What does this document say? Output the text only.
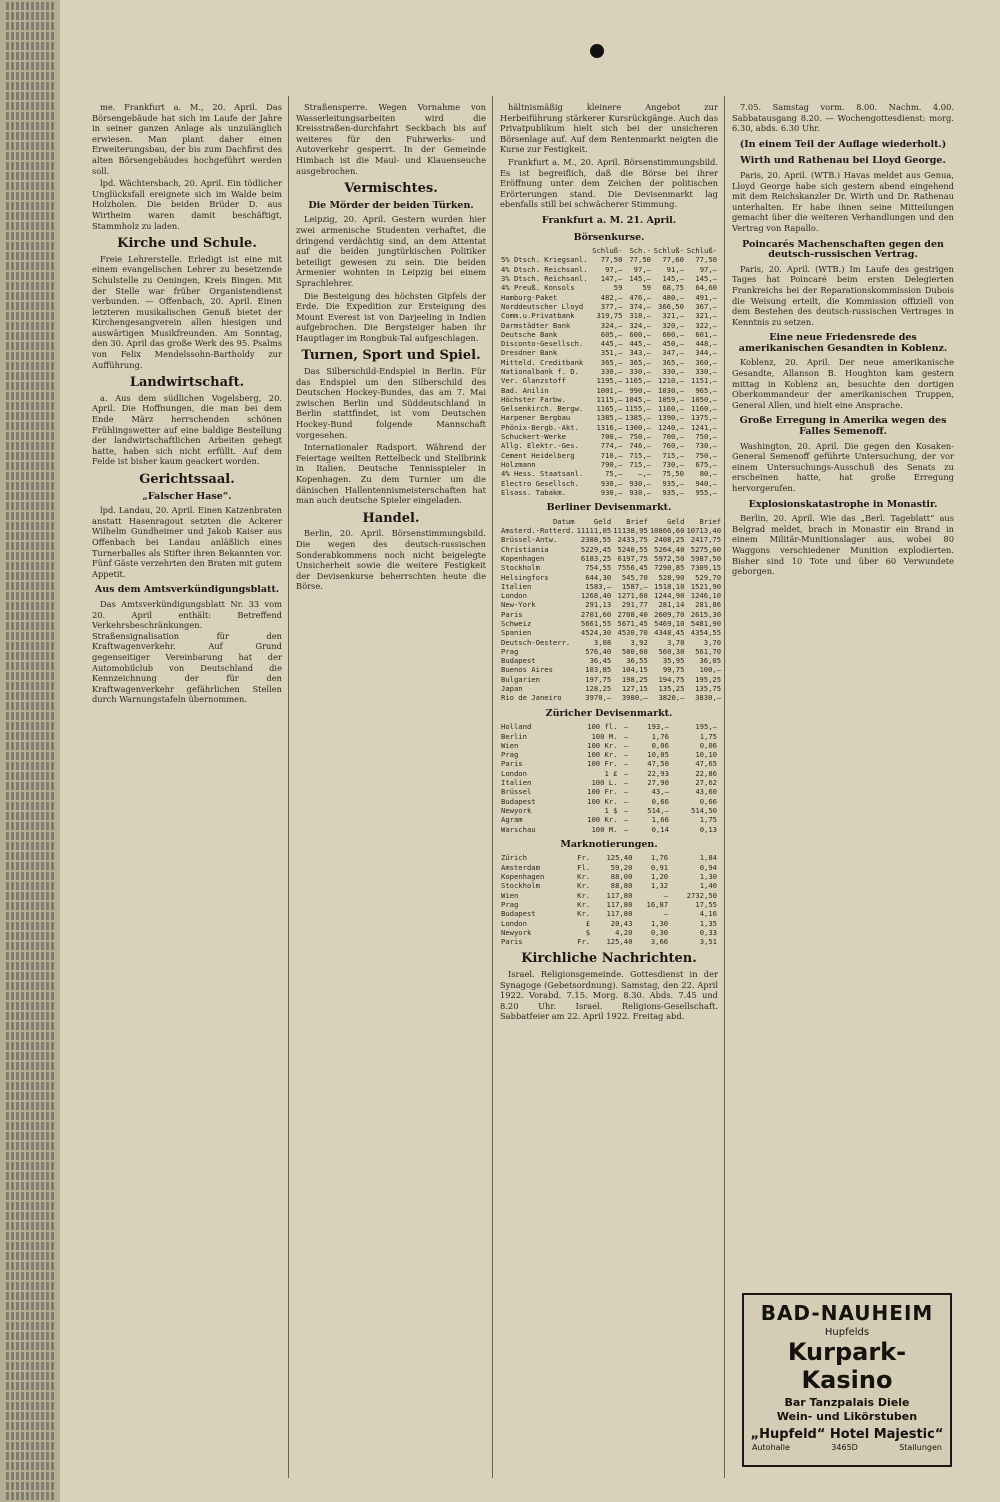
me. Frankfurt a. M., 20. April. Das Börsengebäude hat sich im Laufe der Jahre in seiner ganzen Anlage als unzulänglich erwiesen. Man plant daher einen Erweiterungsbau, der bis zum Dachfirst des alten Börsengebäudes hochgeführt werden soll.

lpd. Wächtersbach, 20. April. Ein tödlicher Unglücksfall ereignete sich im Walde beim Holzholen. Die beiden Brüder D. aus Wirtheim waren damit beschäftigt, Stammholz zu laden.

Kirche und Schule.

Freie Lehrerstelle. Erledigt ist eine mit einem evangelischen Lehrer zu besetzende Schulstelle zu Oeningen, Kreis Bingen. Mit der Stelle war früher Organistendienst verbunden. — Offenbach, 20. April. Einen letzteren musikalischen Genuß bietet der Kirchengesangverein allen hiesigen und auswärtigen Musikfreunden. Am Sonntag, den 30. April das große Werk des 95. Psalms von Felix Mendelssohn-Bartholdy zur Aufführung.

Landwirtschaft.

a. Aus dem südlichen Vogelsberg, 20. April. Die Hoffnungen, die man bei dem Ende März herrschenden schönen Frühlingswetter auf eine baldige Bestellung der landwirtschaftlichen Arbeiten gehegt hatte, haben sich nicht erfüllt. Auf dem Felde ist bisher kaum geackert worden.

Gerichtssaal.
„Falscher Hase“.

lpd. Landau, 20. April. Einen Katzenbraten anstatt Hasenragout setzten die Ackerer Wilhelm Gundheimer und Jakob Kaiser aus Offenbach bei Landau anläßlich eines Turnerballes als Stifter ihren Bekannten vor. Fünf Gäste verzehrten den Braten mit gutem Appetit.

Aus dem Amtsverkündigungsblatt.

Das Amtsverkündigungsblatt Nr. 33 vom 20. April enthält: Betreffend Verkehrsbeschränkungen. Straßensignalisation für den Kraftwagenverkehr. Auf Grund gegenseitiger Vereinbarung hat der Automobilclub von Deutschland die Kennzeichnung der für den Kraftwagenverkehr gefährlichen Stellen durch Warnungstafeln übernommen.

Straßensperre. Wegen Vornahme von Wasserleitungsarbeiten wird die Kreisstraßen-durchfahrt Seckbach bis auf weiteres für den Fuhrwerks- und Autoverkehr gesperrt. In der Gemeinde Himbach ist die Maul- und Klauenseuche ausgebrochen.

Vermischtes.
Die Mörder der beiden Türken.

Leipzig, 20. April. Gestern wurden hier zwei armenische Studenten verhaftet, die dringend verdächtig sind, an dem Attentat auf die beiden jungtürkischen Politiker beteiligt gewesen zu sein. Die beiden Armenier wohnten in Leipzig bei einem Sprachlehrer.

Die Besteigung des höchsten Gipfels der Erde. Die Expedition zur Ersteigung des Mount Everest ist von Darjeeling in Indien aufgebrochen. Die Bergsteiger haben ihr Hauptlager im Rongbuk-Tal aufgeschlagen.

Turnen, Sport und Spiel.

Das Silberschild-Endspiel in Berlin. Für das Endspiel um den Silberschild des Deutschen Hockey-Bundes, das am 7. Mai zwischen Berlin und Süddeutschland in Berlin stattfindet, ist vom Deutschen Hockey-Bund folgende Mannschaft vorgesehen.

Internationaler Radsport. Während der Feiertage weilten Rettelbeck und Stellbrink in Italien. Deutsche Tennisspieler in Kopenhagen. Zu dem Turnier um die dänischen Hallentennismeisterschaften hat man auch deutsche Spieler eingeladen.

Handel.

Berlin, 20. April. Börsenstimmungsbild. Die wegen des deutsch-russischen Sonderabkommens noch nicht beigelegte Unsicherheit sowie die weitere Festigkeit der Devisenkurse beherrschten heute die Börse.

hältnismäßig kleinere Angebot zur Herbeiführung stärkerer Kursrückgänge. Auch das Privatpublikum hielt sich bei der unsicheren Börsenlage auf. Auf dem Rentenmarkt neigten die Kurse zur Festigkeit.

Frankfurt a. M., 20. April. Börsenstimmungsbild. Es ist begreiflich, daß die Börse bei ihrer Eröffnung unter dem Zeichen der politischen Erörterungen stand. Die Devisenmarkt lag ebenfalls still bei schwächerer Stimmung.

Frankfurt a. M. 21. April.
Börsenkurse.
	Schluß-	Sch.-	Schluß-	Schluß-
5% Dtsch. Kriegsanl.	77,50	77,50	77,60	77,50
4% Dtsch. Reichsanl.	97,—	97,—	91,—	97,—
3% Dtsch. Reichsanl.	147,—	145,—	145,—	145,—
4% Preuß. Konsols	59	59	68,75	64,60
Hamburg-Paket	482,—	476,—	480,—	491,—
Norddeutscher Lloyd	377,—	374,—	366,50	367,—
Comm.u.Privatbank	319,75	318,—	321,—	321,—
Darmstädter Bank	324,—	324,—	320,—	322,—
Deutsche Bank	605,—	600,—	600,—	601,—
Disconto-Gesellsch.	445,—	445,—	450,—	448,—
Dresdner Bank	351,—	343,—	347,—	344,—
Mitteld. Creditbank	365,—	365,—	365,—	360,—
Nationalbank f. D.	330,—	330,—	330,—	330,—
Ver. Glanzstoff	1195,—	1165,—	1210,—	1151,—
Bad. Anilin	1001,—	990,—	1030,—	965,—
Höchster Farbw.	1115,—	1045,—	1059,—	1050,—
Gelsenkirch. Bergw.	1165,—	1155,—	1160,—	1160,—
Harpener Bergbau	1385,—	1385,—	1390,—	1375,—
Phönix-Bergb.-Akt.	1316,—	1300,—	1240,—	1241,—
Schuckert-Werke	700,—	750,—	700,—	750,—
Allg. Elektr.-Ges.	774,—	746,—	760,—	730,—
Cement Heidelberg	710,—	715,—	715,—	750,—
Holzmann	790,—	715,—	730,—	675,—
4% Hess. Staatsanl.	75,—	—,—	75,50	80,—
Electro Gesellsch.	930,—	930,—	935,—	940,—
Elsass. Tabakm.	930,—	930,—	935,—	955,—
Berliner Devisenmarkt.
Datum	Geld	Brief	Geld	Brief
Amsterd.-Rotterd.	11111,05	11138,95	10866,60	10713,40
Brüssel-Antw.	2388,55	2433,75	2408,25	2417,75
Christiania	5229,45	5240,55	5264,40	5275,60
Kopenhagen	6183,25	6197,75	5972,50	5987,50
Stockholm	754,55	7556,45	7290,85	7309,15
Helsingfors	644,30	545,70	528,90	529,70
Italien	1583,—	1587,—	1518,10	1521,90
London	1268,40	1271,60	1244,90	1246,10
New-York	291,13	291,77	281,14	281,86
Paris	2701,60	2708,40	2609,70	2615,30
Schweiz	5661,55	5671,45	5469,10	5481,90
Spanien	4524,30	4530,70	4348,45	4354,55
Deutsch-Oesterr.	3,08	3,92	3,70	3,70
Prag	576,40	580,60	560,30	561,70
Budapest	36,45	36,55	35,95	36,05
Buenos Aires	103,85	104,15	99,75	100,—
Bulgarien	197,75	198,25	194,75	195,25
Japan	128,25	127,15	135,25	135,75
Rio de Janeiro	3970,—	3980,—	3820,—	3830,—
Züricher Devisenmarkt.
Holland	100 fl.	—	193,—	195,—
Berlin	100 M.	—	1,76	1,75
Wien	100 Kr.	—	0,06	0,06
Prag	100 Kr.	—	10,05	10,10
Paris	100 Fr.	—	47,50	47,65
London	1 £	—	22,93	22,86
Italien	100 L.	—	27,90	27,62
Brüssel	100 Fr.	—	43,—	43,60
Budapest	100 Kr.	—	0,66	0,66
Newyork	1 $	—	514,—	514,50
Agram	100 Kr.	—	1,66	1,75
Warschau	100 M.	—	0,14	0,13
Marknotierungen.
Zürich	Fr.	125,40	1,76	1,84
Amsterdam	Fl.	59,20	0,91	0,94
Kopenhagen	Kr.	88,00	1,20	1,30
Stockholm	Kr.	88,80	1,32	1,40
Wien	Kr.	117,80	—	2732,50
Prag	Kr.	117,80	16,87	17,55
Budapest	Kr.	117,80	—	4,16
London	£	20,43	1,30	1,35
Newyork	$	4,20	0,30	0,33
Paris	Fr.	125,40	3,66	3,51
Kirchliche Nachrichten.

Israel. Religionsgemeinde. Gottesdienst in der Synagoge (Gebetsordnung). Samstag, den 22. April 1922. Vorabd. 7.15. Morg. 8.30. Abds. 7.45 und 8.20 Uhr. Israel. Religions-Gesellschaft. Sabbatfeier am 22. April 1922. Freitag abd.

7.05. Samstag vorm. 8.00. Nachm. 4.00. Sabbatausgang 8.20. — Wochengottesdienst: morg. 6.30, abds. 6.30 Uhr.

(In einem Teil der Auflage wiederholt.)
Wirth und Rathenau bei Lloyd George.

Paris, 20. April. (WTB.) Havas meldet aus Genua, Lloyd George habe sich gestern abend eingehend mit dem Reichskanzler Dr. Wirth und Dr. Rathenau unterhalten. Er habe ihnen seine Mitteilungen gemacht über die weiteren Verhandlungen und den Vertrag von Rapallo.

Poincarés Machenschaften gegen den deutsch-russischen Vertrag.

Paris, 20. April. (WTB.) Im Laufe des gestrigen Tages hat Poincaré beim ersten Delegierten Frankreichs bei der Reparationskommission Dubois die Weisung erteilt, die Kommission offiziell von dem Bestehen des deutsch-russischen Vertrages in Kenntnis zu setzen.

Eine neue Friedensrede des amerikanischen Gesandten in Koblenz.

Koblenz, 20. April. Der neue amerikanische Gesandte, Allanson B. Houghton kam gestern mittag in Koblenz an, besuchte den dortigen Oberkommandeur der amerikanischen Truppen, General Allen, und hielt eine Ansprache.

Große Erregung in Amerika wegen des Falles Semenoff.

Washington, 20. April. Die gegen den Kosaken-General Semenoff geführte Untersuchung, der vor einem Untersuchungs-Ausschuß des Senats zu erscheinen hatte, hat große Erregung hervorgerufen.

Explosionskatastrophe in Monastir.

Berlin, 20. April. Wie das „Berl. Tageblatt“ aus Belgrad meldet, brach in Monastir ein Brand in einem Militär-Munitionslager aus, wobei 80 Waggons verschiedener Munition explodierten. Bisher sind 10 Tote und über 60 Verwundete geborgen.

BAD-NAUHEIM
Hupfelds
Kurpark-Kasino
Bar Tanzpalais Diele
Wein- und Likörstuben
„Hupfeld“ Hotel Majestic“
Autohalle	3465D	Stallungen
